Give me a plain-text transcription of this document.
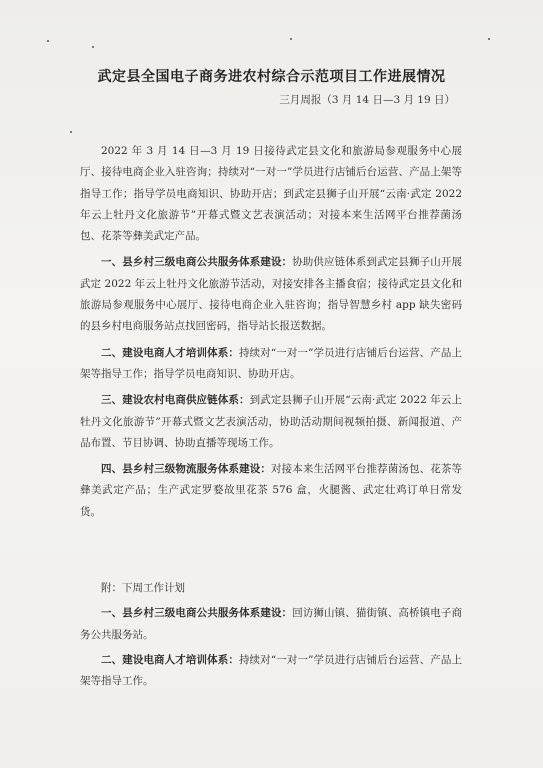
武定县全国电子商务进农村综合示范项目工作进展情况
三月周报（3 月 14 日—3 月 19 日）

2022 年 3 月 14 日—3 月 19 日接待武定县文化和旅游局参观服务中心展厅、接待电商企业入驻咨询；持续对“一对一”学员进行店铺后台运营、产品上架等指导工作；指导学员电商知识、协助开店；到武定县狮子山开展“云南·武定 2022 年云上牡丹文化旅游节”开幕式暨文艺表演活动；对接本来生活网平台推荐菌汤包、花茶等彝美武定产品。

一、县乡村三级电商公共服务体系建设：协助供应链体系到武定县狮子山开展武定 2022 年云上牡丹文化旅游节活动，对接安排各主播食宿；接待武定县文化和旅游局参观服务中心展厅、接待电商企业入驻咨询；指导智慧乡村 app 缺失密码的县乡村电商服务站点找回密码，指导站长报送数据。

二、建设电商人才培训体系：持续对“一对一”学员进行店铺后台运营、产品上架等指导工作；指导学员电商知识、协助开店。

三、建设农村电商供应链体系：到武定县狮子山开展“云南·武定 2022 年云上牡丹文化旅游节”开幕式暨文艺表演活动，协助活动期间视频拍摄、新闻报道、产品布置、节目协调、协助直播等现场工作。

四、县乡村三级物流服务体系建设：对接本来生活网平台推荐菌汤包、花茶等彝美武定产品；生产武定罗婺故里花茶 576 盒，火腿酱、武定壮鸡订单日常发货。

附：下周工作计划

一、县乡村三级电商公共服务体系建设：回访狮山镇、猫街镇、高桥镇电子商务公共服务站。

二、建设电商人才培训体系：持续对“一对一”学员进行店铺后台运营、产品上架等指导工作。
